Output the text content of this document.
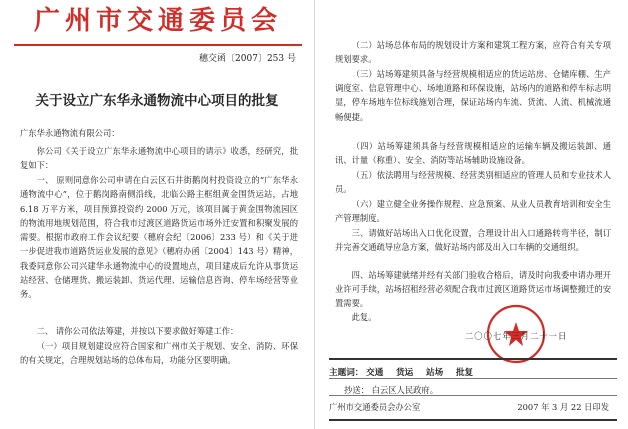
广州市交通委员会
穗交函〔2007〕253 号
关于设立广东华永通物流中心项目的批复
广东华永通物流有限公司：

你公司《关于设立广东华永通物流中心项目的请示》收悉，经研究，批复如下：

一、 原则同意你公司申请在白云区石井街鹅岗村投资设立的“广东华永通物流中心”，位于鹅岗路南侧沿线，北临公路主框组黄金围货运站，占地 6.18 万平方米，项目预算投资约 2000 万元，该项目属于黄金围物流园区的物流用地规划范围，符合我市过渡区道路货运市场外迁安置和积聚发展的需要。根据市政府工作会议纪要（穗府会纪〔2006〕233 号）和《关于进一步促进我市道路货运业发展的意见》（穗府办函〔2004〕143 号）精神，我委同意你公司兴建华永通物流中心的设置地点，项目建成后允许从事货运站经营、仓储理货、搬运装卸、货运代理、运输信息咨询、停车场经营等业务。

二、 请你公司依法筹建，并按以下要求做好筹建工作：

（一）项目规划建设应符合国家和广州市关于规划、安全、消防、环保的有关规定，合理规划站场的总体布局，功能分区要明确。

（二）站场总体布局的规划设计方案和建筑工程方案，应符合有关专项规划要求。

（三）站场筹建须具备与经营规模相适应的货运站房、仓储库棚、生产调度室、信息管理中心、场地道路和环保设施，站场内的道路和停车标志明显，停车场地车位标线施划合理，保证站场内车流、货流、人流、机械流通畅便捷。

（四）站场筹建须具备与经营规模相适应的运输车辆及搬运装卸、通讯、计量（称重）、安全、消防等站场辅助设施设备。

（五）依法聘用与经营规模、经营类别相适应的管理人员和专业技术人员。

（六）建立健全业务操作规程、应急预案、从业人员教育培训和安全生产管理制度。

三、请做好站场出入口优化设置，合理设计出入口通路转弯半径，制订并完善交通疏导应急方案，做好站场内部及出入口车辆的交通组织。

四、站场筹建就绪并经有关部门验收合格后，请及时向我委申请办理开业许可手续，站场招租经营必须配合我市过渡区道路货运市场调整搬迁的安置需要。

此复。

二〇〇七年三月二十一日
主题词： 交通 货运 站场 批复
抄送： 白云区人民政府。
广州市交通委员会办公室	2007 年 3 月 22 日印发
